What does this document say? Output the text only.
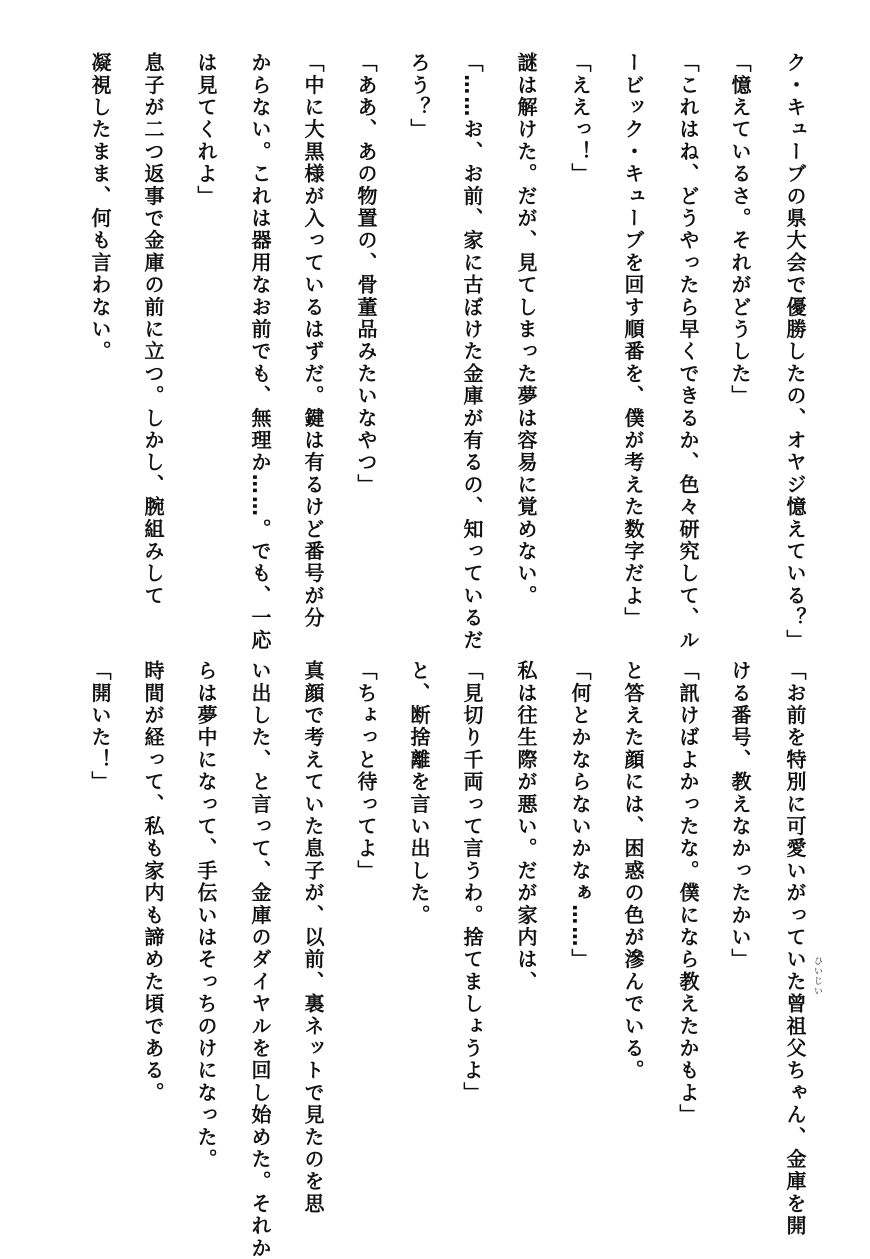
ク・キューブの県大会で優勝したの、オヤジ憶えている？」
「憶えているさ。それがどうした」
「これはね、どうやったら早くできるか、色々研究して、ル
ービック・キューブを回す順番を、僕が考えた数字だよ」
「ええっ！」
謎は解けた。だが、見てしまった夢は容易に覚めない。
「……お、お前、家に古ぼけた金庫が有るの、知っているだ
ろう？」
「ああ、あの物置の、骨董品みたいなやつ」
「中に大黒様が入っているはずだ。鍵は有るけど番号が分
からない。これは器用なお前でも、無理か……。でも、一応
は見てくれよ」
息子が二つ返事で金庫の前に立つ。しかし、腕組みして
凝視したまま、何も言わない。
「お前を特別に可愛いがっていた曾祖父ちゃん、金庫を開 ひいじい
ける番号、教えなかったかい」
「訊けばよかったな。僕になら教えたかもよ」
と答えた顔には、困惑の色が滲んでいる。
「何とかならないかなぁ……」
私は往生際が悪い。だが家内は、
「見切り千両って言うわ。捨てましょうよ」
と、断捨離を言い出した。
「ちょっと待ってよ」
真顔で考えていた息子が、以前、裏ネットで見たのを思
い出した、と言って、金庫のダイヤルを回し始めた。それか
らは夢中になって、手伝いはそっちのけになった。
時間が経って、私も家内も諦めた頃である。
「開いた！」
